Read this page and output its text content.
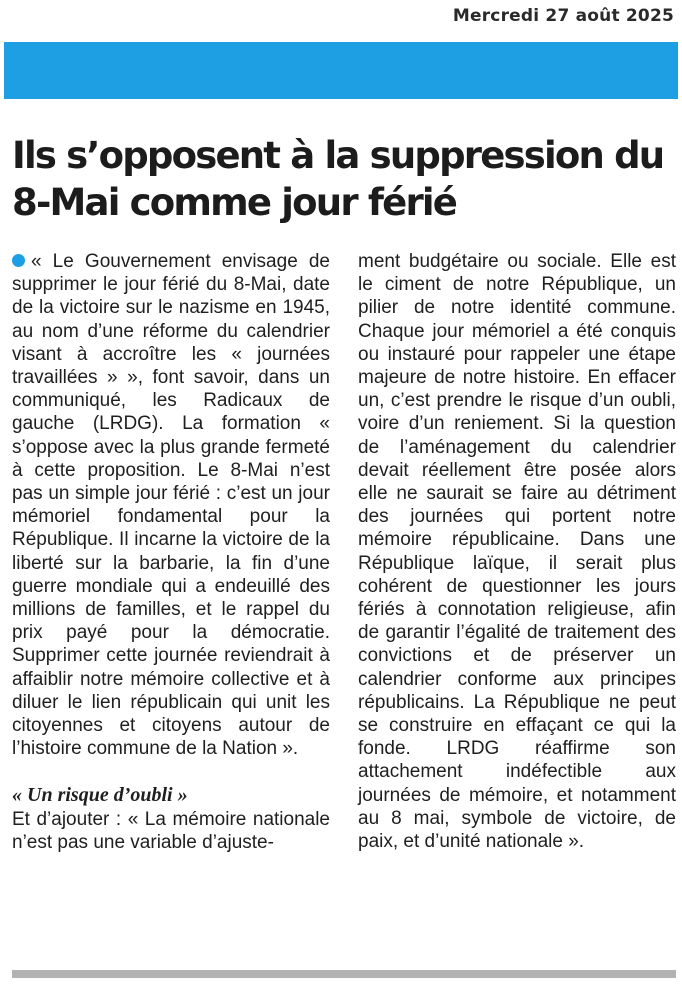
Mercredi 27 août 2025
Ils s’opposent à la suppression du 8-Mai comme jour férié

« Le Gouvernement envisage de supprimer le jour férié du 8-Mai, date de la victoire sur le nazisme en 1945, au nom d’une réforme du calendrier visant à accroître les « journées travaillées » », font savoir, dans un communiqué, les Radicaux de gauche (LRDG). La formation « s’oppose avec la plus grande fermeté à cette proposition. Le 8-Mai n’est pas un simple jour férié : c’est un jour mémoriel fondamental pour la République. Il incarne la victoire de la liberté sur la barbarie, la fin d’une guerre mondiale qui a endeuillé des millions de familles, et le rappel du prix payé pour la démocratie. Supprimer cette journée reviendrait à affaiblir notre mémoire collective et à diluer le lien républicain qui unit les citoyennes et citoyens autour de l’histoire commune de la Nation ».

« Un risque d’oubli »

Et d’ajouter : « La mémoire nationale n’est pas une variable d’ajuste-

ment budgétaire ou sociale. Elle est le ciment de notre République, un pilier de notre identité commune. Chaque jour mémoriel a été conquis ou instauré pour rappeler une étape majeure de notre histoire. En effacer un, c’est prendre le risque d’un oubli, voire d’un reniement. Si la question de l’aménagement du calendrier devait réellement être posée alors elle ne saurait se faire au détriment des journées qui portent notre mémoire républicaine. Dans une République laïque, il serait plus cohérent de questionner les jours fériés à connotation religieuse, afin de garantir l’égalité de traitement des convictions et de préserver un calendrier conforme aux principes républicains. La République ne peut se construire en effaçant ce qui la fonde. LRDG réaffirme son attachement indéfectible aux journées de mémoire, et notamment au 8 mai, symbole de victoire, de paix, et d’unité nationale ».
